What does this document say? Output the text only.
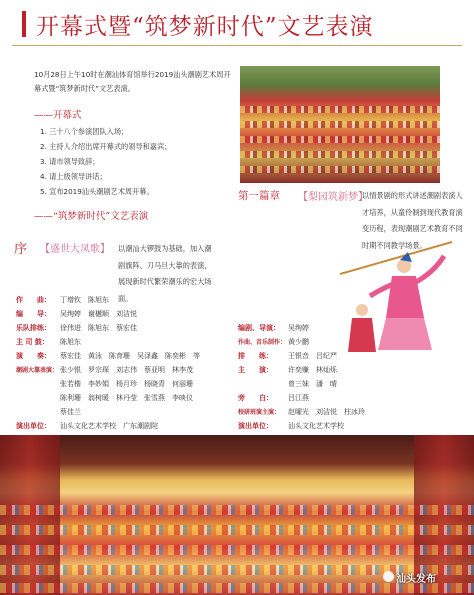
开幕式暨“筑梦新时代”文艺表演
10月28日上午10时在潮汕体育馆举行2019汕头潮剧艺术周开幕式暨“筑梦新时代”文艺表演。
——开幕式
1. 三十八个参演团队入场；
2. 主持人介绍出席开幕式的领导和嘉宾；
3. 请市领导致辞；
4. 请上级领导讲话；
5. 宣布2019汕头潮剧艺术周开幕。
——“筑梦新时代”文艺表演
第一篇章 【梨园筑新梦】
以情景剧的形式讲述潮剧表演人才培养，从童伶制到现代教育演变历程，表现潮剧艺术教育不同时期不同教学场景。
序 【盛世大凤歌】 以潮汕大锣鼓为基础，加入潮剧旗阵、刀马旦大靠的表演，展现新时代繁荣潮乐的宏大场面。
作　　曲： 丁增钦　陈旭东
编　　导： 吴绚婷　谢樾顺　刘洁悦
乐队排练： 徐伟进　陈旭东　蔡宏佳
主 司 鼓： 陈旭东
演　　奏： 蔡宏佳　黄泳　陈育珊　吴泽鑫　陈奕彬　等
潮剧大靠表演： 张少银　罗宗琛　刘志伟　蔡亚明　林李茂
张若楷　李妙娟　杨月珍　杨晓青　何丽珊
陈利珊　翁树暖　林丹莹　张雪燕　李映仪
蔡佳兰
演出单位： 汕头文化艺术学校　广东潮剧院
编剧、导演： 吴绚婷
作曲、音乐制作： 黄少鹏
排　　练： 王银音　吕纪严
主　　演： 许奕赚　林灿烁
曾三妹　潘　晴
旁　　白： 吕江燕
校研班演主演： 赵曜光　刘洁悦　柱冰玲
演出单位： 汕头文化艺术学校
汕头发布
